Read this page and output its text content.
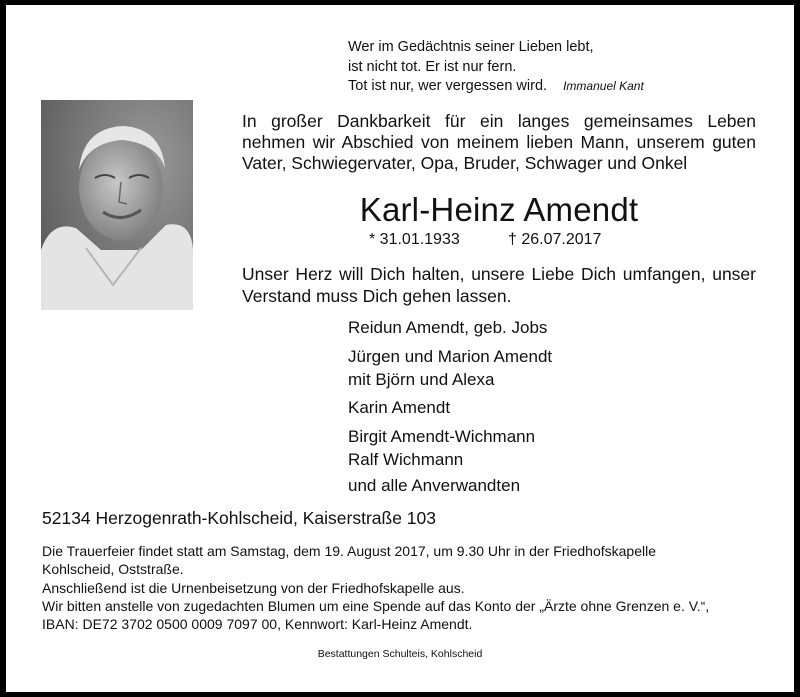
Wer im Gedächtnis seiner Lieben lebt,
ist nicht tot. Er ist nur fern.
Tot ist nur, wer vergessen wird. Immanuel Kant
In großer Dankbarkeit für ein langes gemeinsames Leben
nehmen wir Abschied von meinem lieben Mann, unserem guten
Vater, Schwiegervater, Opa, Bruder, Schwager und Onkel
Karl-Heinz Amendt
* 31.01.1933	† 26.07.2017
Unser Herz will Dich halten, unsere Liebe Dich umfangen, unser
Verstand muss Dich gehen lassen.
Reidun Amendt, geb. Jobs
Jürgen und Marion Amendt
mit Björn und Alexa
Karin Amendt
Birgit Amendt-Wichmann
Ralf Wichmann
und alle Anverwandten
52134 Herzogenrath-Kohlscheid, Kaiserstraße 103
Die Trauerfeier findet statt am Samstag, dem 19. August 2017, um 9.30 Uhr in der Friedhofskapelle
Kohlscheid, Oststraße.
Anschließend ist die Urnenbeisetzung von der Friedhofskapelle aus.
Wir bitten anstelle von zugedachten Blumen um eine Spende auf das Konto der „Ärzte ohne Grenzen e. V.“,
IBAN: DE72 3702 0500 0009 7097 00, Kennwort: Karl-Heinz Amendt.
Bestattungen Schulteis, Kohlscheid
